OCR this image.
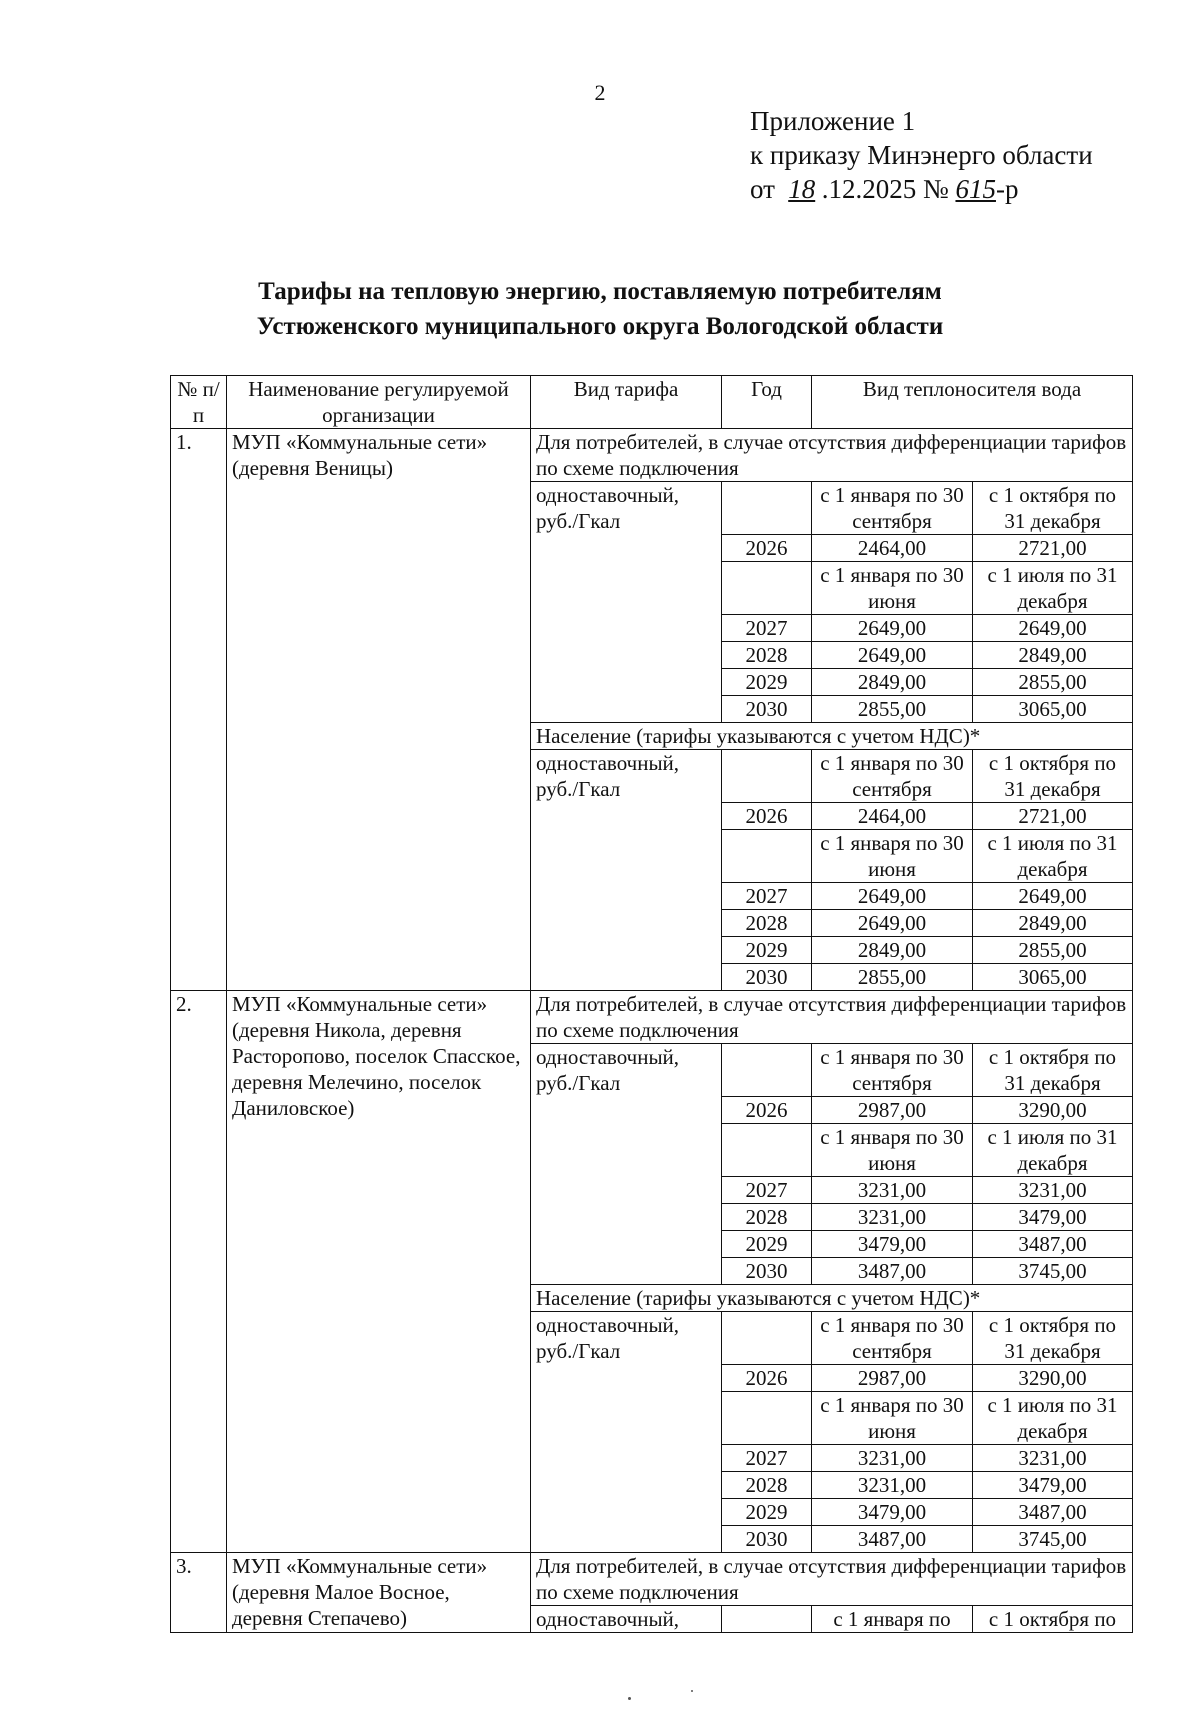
2
Приложение 1
к приказу Минэнерго области
от 18 .12.2025 № 615-р
Тарифы на тепловую энергию, поставляемую потребителям
Устюженского муниципального округа Вологодской области
№ п/п	Наименование регулируемой организации	Вид тарифа	Год	Вид теплоносителя вода	
1.	МУП «Коммунальные сети» (деревня Веницы)	Для потребителей, в случае отсутствия дифференциации тарифов по схеме подключения			
		одноставочный, руб./Гкал		с 1 января по 30 сентября	с 1 октября по 31 декабря
			2026	2464,00	2721,00
				с 1 января по 30 июня	с 1 июля по 31 декабря
			2027	2649,00	2649,00
			2028	2649,00	2849,00
			2029	2849,00	2855,00
			2030	2855,00	3065,00
		Население (тарифы указываются с учетом НДС)*			
		одноставочный, руб./Гкал		с 1 января по 30 сентября	с 1 октября по 31 декабря
			2026	2464,00	2721,00
				с 1 января по 30 июня	с 1 июля по 31 декабря
			2027	2649,00	2649,00
			2028	2649,00	2849,00
			2029	2849,00	2855,00
			2030	2855,00	3065,00
2.	МУП «Коммунальные сети» (деревня Никола, деревня Расторопово, поселок Спасское, деревня Мелечино, поселок Даниловское)	Для потребителей, в случае отсутствия дифференциации тарифов по схеме подключения			
		одноставочный, руб./Гкал		с 1 января по 30 сентября	с 1 октября по 31 декабря
			2026	2987,00	3290,00
				с 1 января по 30 июня	с 1 июля по 31 декабря
			2027	3231,00	3231,00
			2028	3231,00	3479,00
			2029	3479,00	3487,00
			2030	3487,00	3745,00
		Население (тарифы указываются с учетом НДС)*			
		одноставочный, руб./Гкал		с 1 января по 30 сентября	с 1 октября по 31 декабря
			2026	2987,00	3290,00
				с 1 января по 30 июня	с 1 июля по 31 декабря
			2027	3231,00	3231,00
			2028	3231,00	3479,00
			2029	3479,00	3487,00
			2030	3487,00	3745,00
3.	МУП «Коммунальные сети» (деревня Малое Восное, деревня Степачево)	Для потребителей, в случае отсутствия дифференциации тарифов по схеме подключения			
		одноставочный,		с 1 января по	с 1 октября по
